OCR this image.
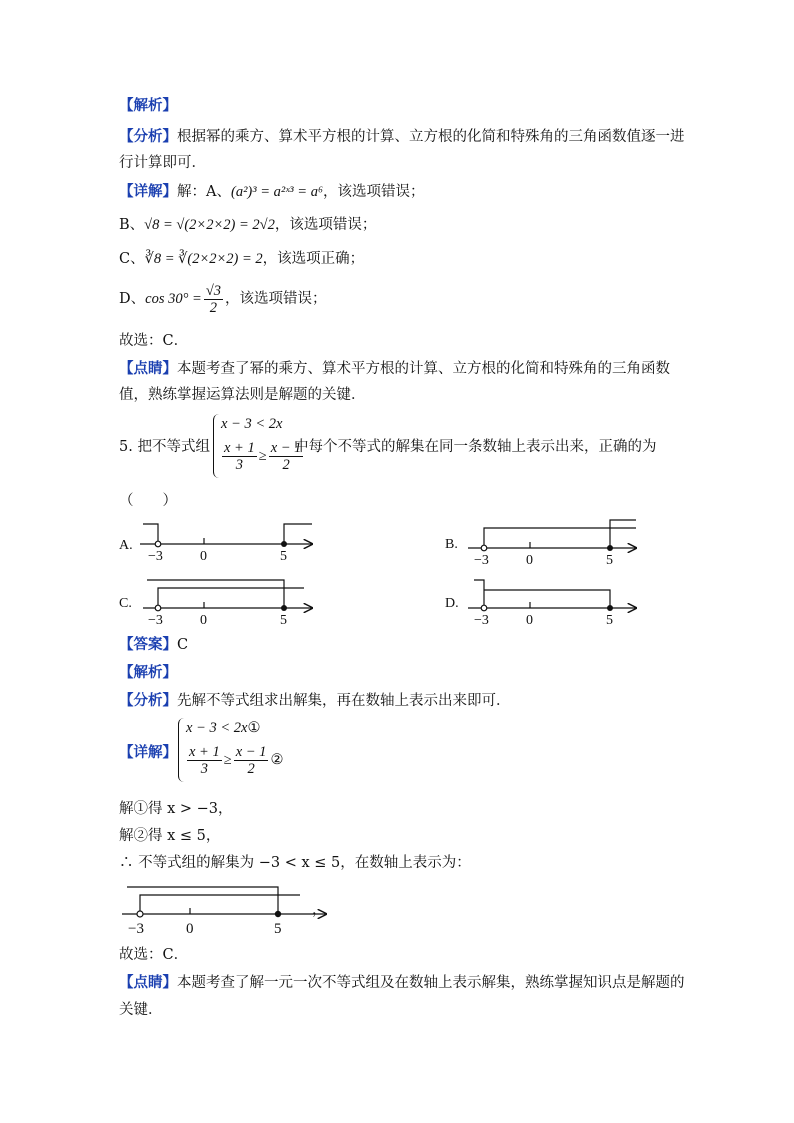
【解析】
【分析】根据幂的乘方、算术平方根的计算、立方根的化简和特殊角的三角函数值逐一进
行计算即可．
【详解】解：A、(a²)³ = a²ˣ³ = a⁶，该选项错误；
B、√8 = √(2×2×2) = 2√2，该选项错误；
C、∛8 = ∛(2×2×2) = 2，该选项正确；
D、$\cos 30^\circ = \frac{√3}{2}$ ，该选项错误；
故选：C．
【点睛】本题考查了幂的乘方、算术平方根的计算、立方根的化简和特殊角的三角函数
值，熟练掌握运算法则是解题的关键．
5. 把不等式组	中每个不等式的解集在同一条数轴上表示出来，正确的为
x − 3 < 2x
$\frac{x + 1}{3} \ge \frac{x - 1}{2}$
（　　）
A.
−3	0	5
B.
−3	0	5
C.
−3	0	5
D.
−3	0	5
−3	0	5
，
【答案】C
【解析】
【分析】先解不等式组求出解集，再在数轴上表示出来即可．
【详解】
x − 3 < 2x①
$\frac{x + 1}{3} \ge \frac{x - 1}{2}$ ②
解①得 x > −3，
解②得 x ≤ 5，
∴ 不等式组的解集为 −3 < x ≤ 5，在数轴上表示为：
故选：C．
【点睛】本题考查了解一元一次不等式组及在数轴上表示解集，熟练掌握知识点是解题的
关键．
